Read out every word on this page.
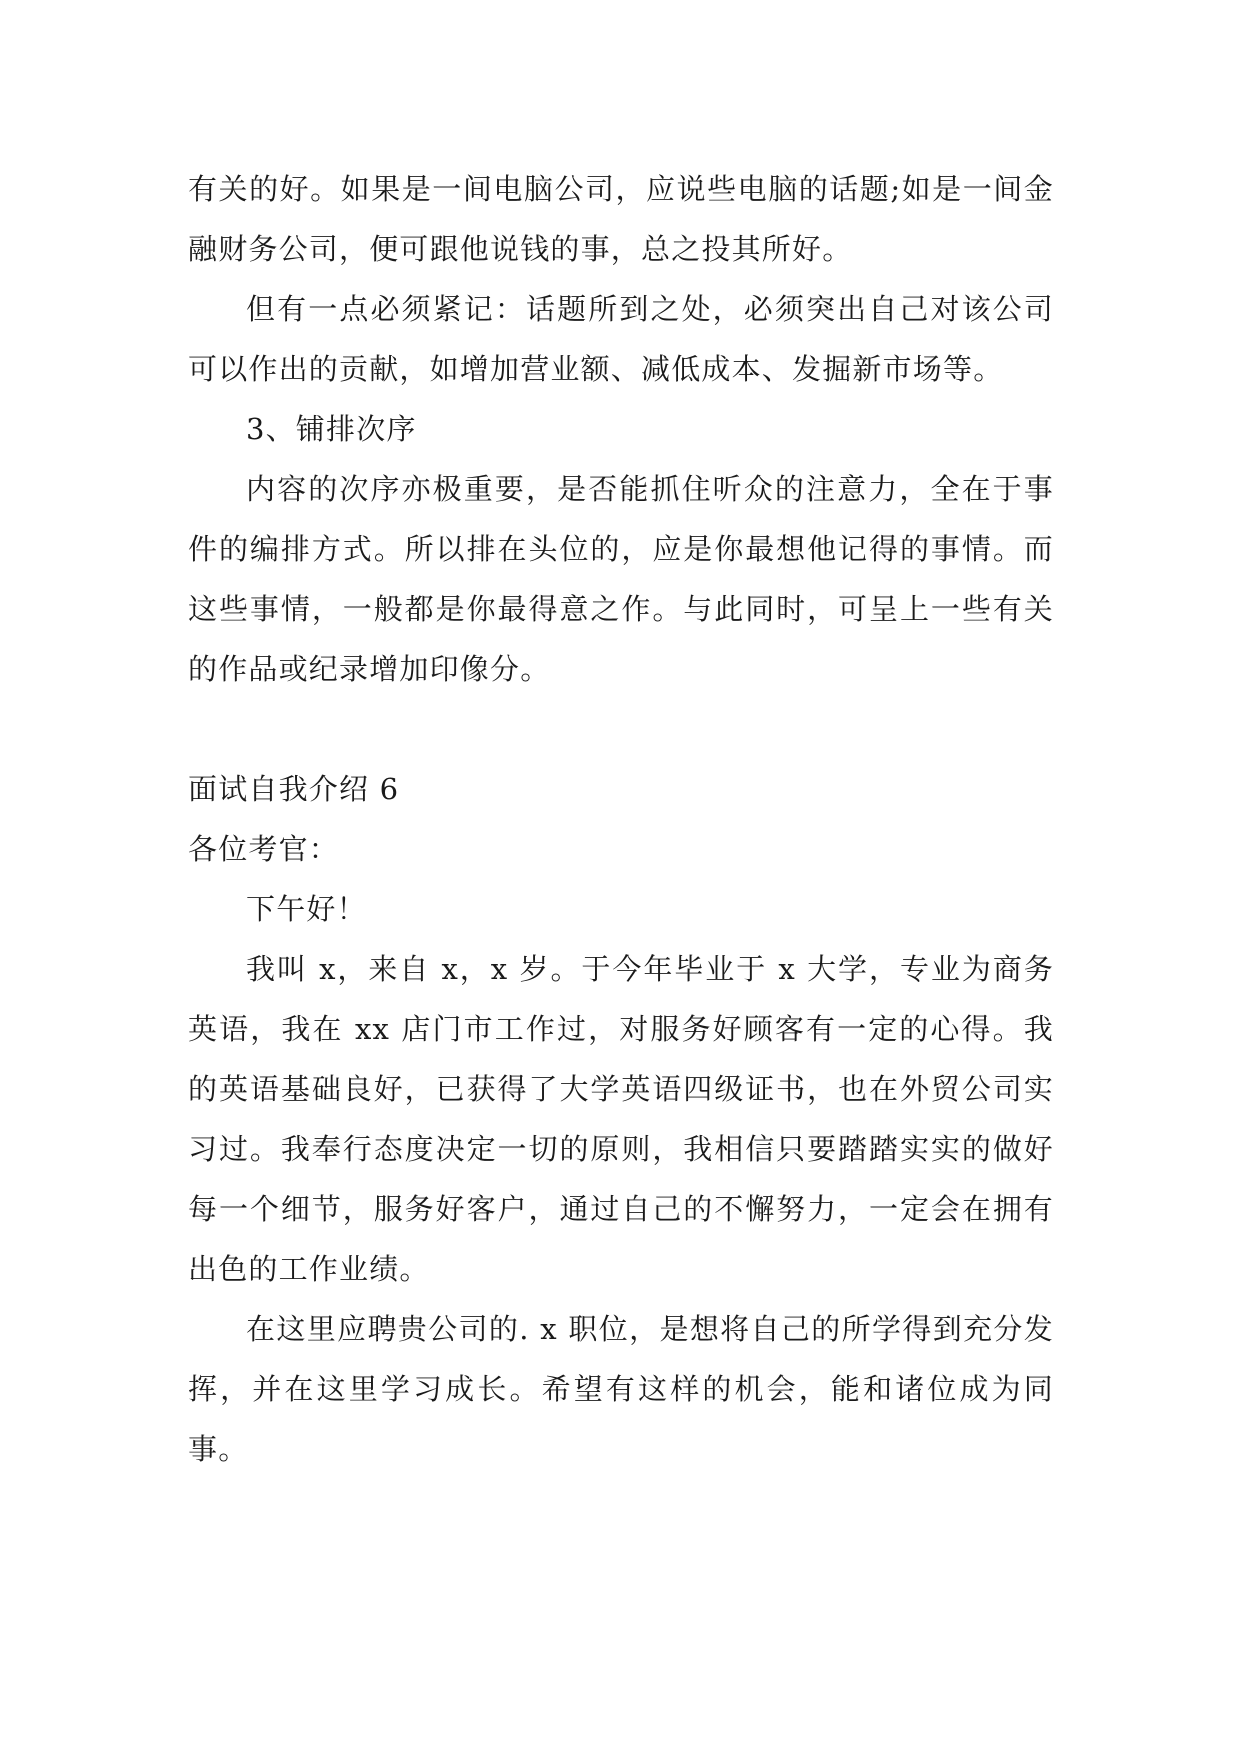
有关的好。如果是一间电脑公司，应说些电脑的话题;如是一间金融财务公司，便可跟他说钱的事，总之投其所好。

但有一点必须紧记：话题所到之处，必须突出自己对该公司可以作出的贡献，如增加营业额、减低成本、发掘新市场等。

3、铺排次序

内容的次序亦极重要，是否能抓住听众的注意力，全在于事件的编排方式。所以排在头位的，应是你最想他记得的事情。而这些事情，一般都是你最得意之作。与此同时，可呈上一些有关的作品或纪录增加印像分。

面试自我介绍 6

各位考官：

下午好！

我叫 x，来自 x，x 岁。于今年毕业于 x 大学，专业为商务英语，我在 xx 店门市工作过，对服务好顾客有一定的心得。我的英语基础良好，已获得了大学英语四级证书，也在外贸公司实习过。我奉行态度决定一切的原则，我相信只要踏踏实实的做好每一个细节，服务好客户，通过自己的不懈努力，一定会在拥有出色的工作业绩。

在这里应聘贵公司的. x 职位，是想将自己的所学得到充分发挥，并在这里学习成长。希望有这样的机会，能和诸位成为同事。
